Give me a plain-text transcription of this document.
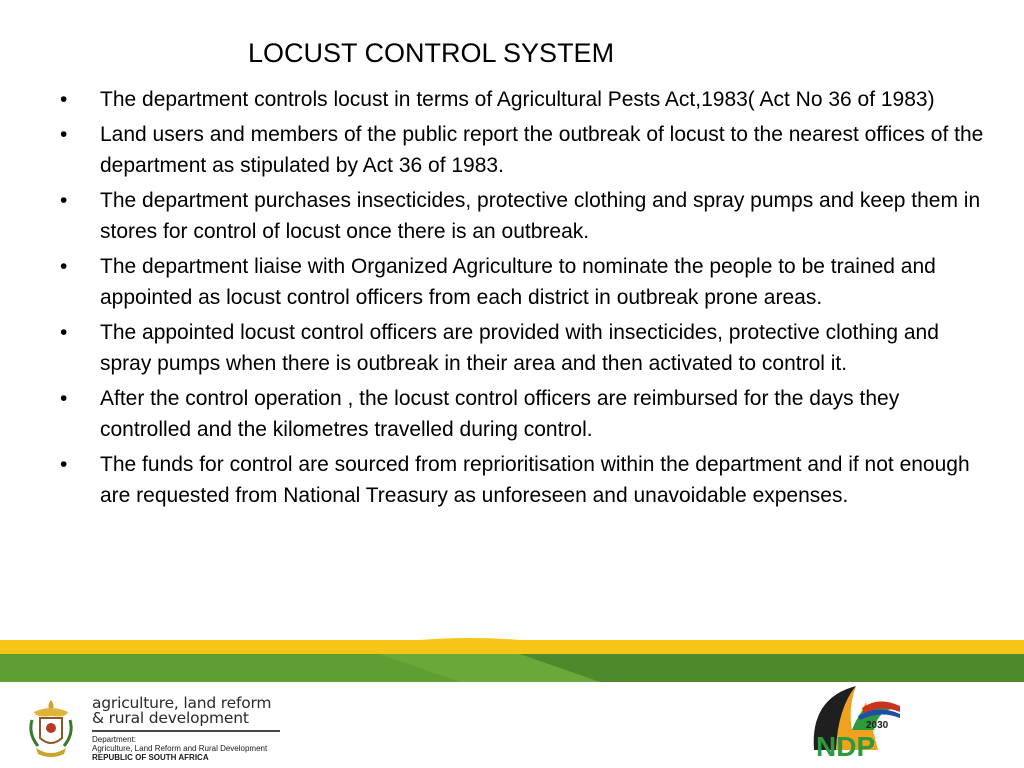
LOCUST CONTROL SYSTEM
• The department controls locust in terms of Agricultural Pests Act,1983( Act No 36 of 1983)
• Land users and members of the public report the outbreak of locust to the nearest offices of the department as stipulated by Act 36 of 1983.
• The department purchases insecticides, protective clothing and spray pumps and keep them in stores for control of locust once there is an outbreak.
• The department liaise with Organized Agriculture to nominate the people to be trained and appointed as locust control officers from each district in outbreak prone areas.
• The appointed locust control officers are provided with insecticides, protective clothing and spray pumps when there is outbreak in their area and then activated to control it.
• After the control operation , the locust control officers are reimbursed for the days they controlled and the kilometres travelled during control.
• The funds for control are sourced from reprioritisation within the department and if not enough are requested from National Treasury as unforeseen and unavoidable expenses.
agriculture, land reform
& rural development
Department:
Agriculture, Land Reform and Rural Development
REPUBLIC OF SOUTH AFRICA
2030
NDP
